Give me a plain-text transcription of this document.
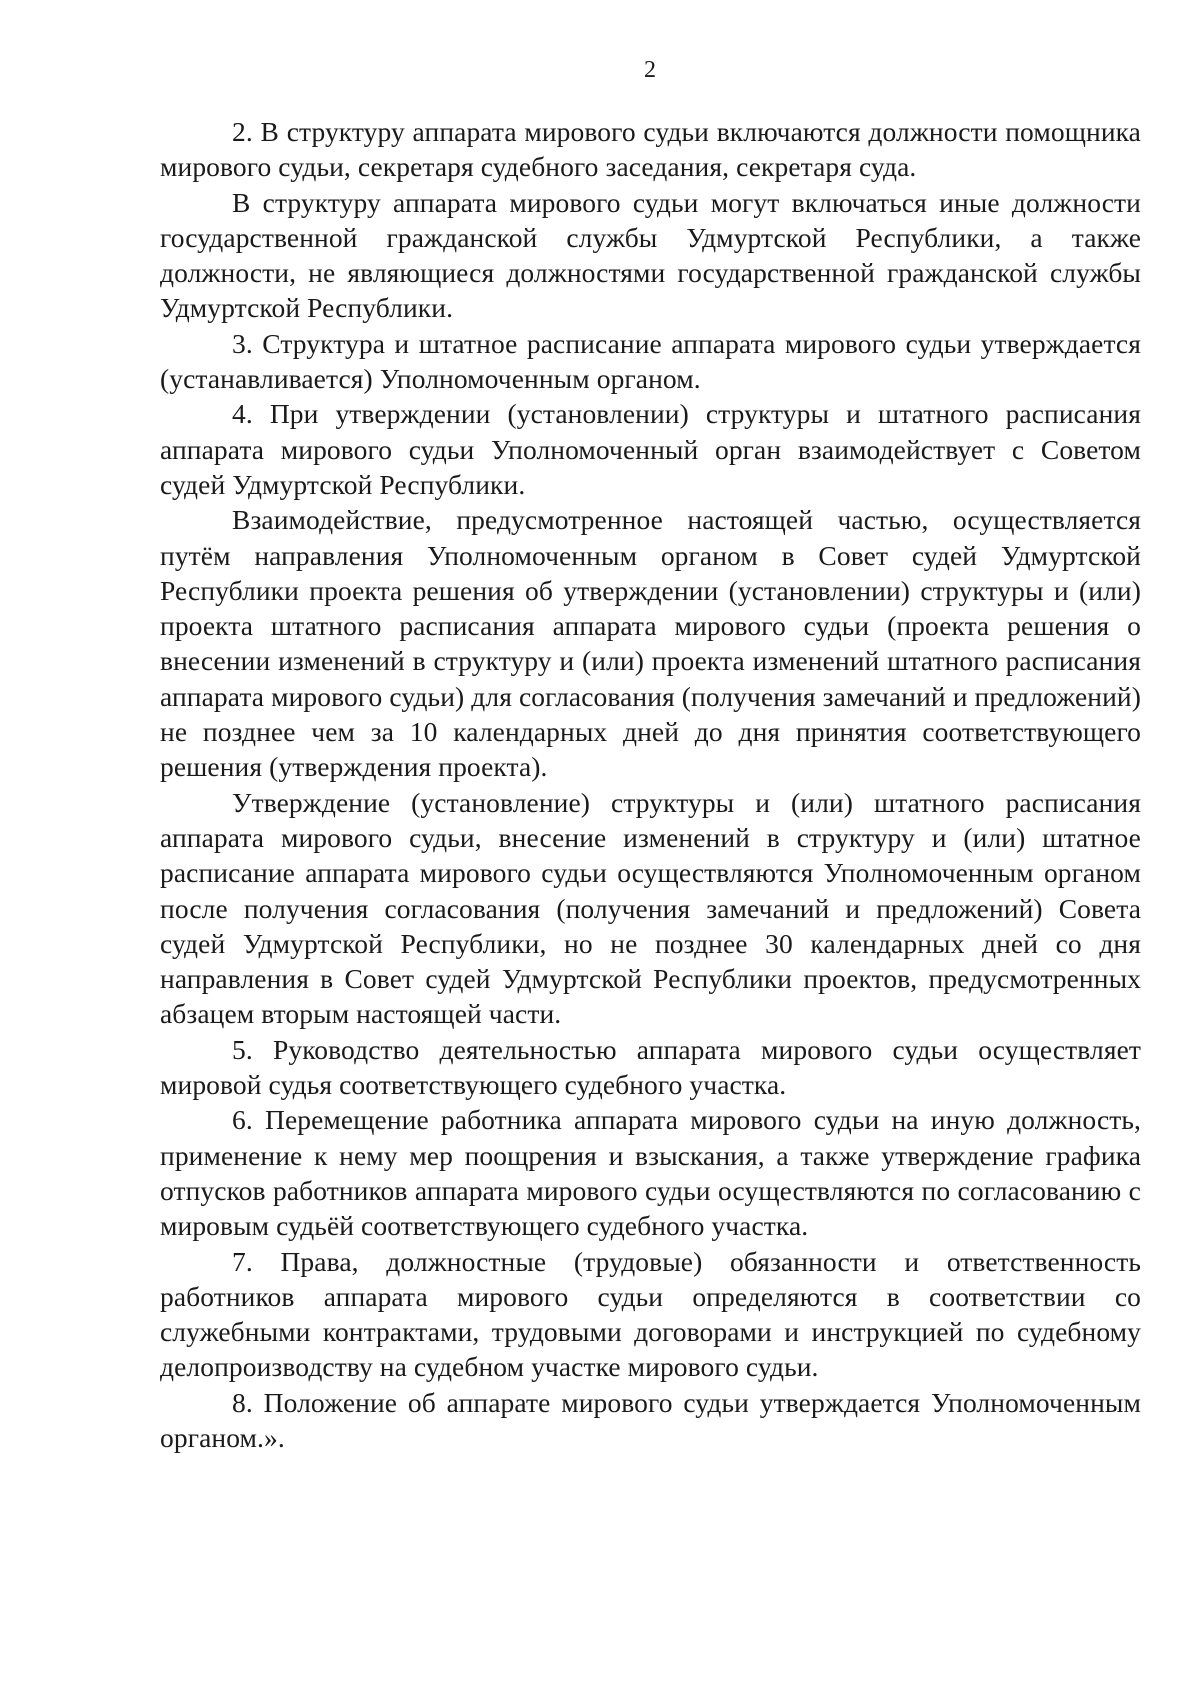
2

2. В структуру аппарата мирового судьи включаются должности помощника мирового судьи, секретаря судебного заседания, секретаря суда.

В структуру аппарата мирового судьи могут включаться иные должности государственной гражданской службы Удмуртской Республики, а также должности, не являющиеся должностями государственной гражданской службы Удмуртской Республики.

3. Структура и штатное расписание аппарата мирового судьи утверждается (устанавливается) Уполномоченным органом.

4. При утверждении (установлении) структуры и штатного расписания аппарата мирового судьи Уполномоченный орган взаимодействует с Советом судей Удмуртской Республики.

Взаимодействие, предусмотренное настоящей частью, осуществляется путём направления Уполномоченным органом в Совет судей Удмуртской Республики проекта решения об утверждении (установлении) структуры и (или) проекта штатного расписания аппарата мирового судьи (проекта решения о внесении изменений в структуру и (или) проекта изменений штатного расписания аппарата мирового судьи) для согласования (получения замечаний и предложений) не позднее чем за 10 календарных дней до дня принятия соответствующего решения (утверждения проекта).

Утверждение (установление) структуры и (или) штатного расписания аппарата мирового судьи, внесение изменений в структуру и (или) штатное расписание аппарата мирового судьи осуществляются Уполномоченным органом после получения согласования (получения замечаний и предложений) Совета судей Удмуртской Республики, но не позднее 30 календарных дней со дня направления в Совет судей Удмуртской Республики проектов, предусмотренных абзацем вторым настоящей части.

5. Руководство деятельностью аппарата мирового судьи осуществляет мировой судья соответствующего судебного участка.

6. Перемещение работника аппарата мирового судьи на иную должность, применение к нему мер поощрения и взыскания, а также утверждение графика отпусков работников аппарата мирового судьи осуществляются по согласованию с мировым судьёй соответствующего судебного участка.

7. Права, должностные (трудовые) обязанности и ответственность работников аппарата мирового судьи определяются в соответствии со служебными контрактами, трудовыми договорами и инструкцией по судебному делопроизводству на судебном участке мирового судьи.

8. Положение об аппарате мирового судьи утверждается Уполномоченным органом.».
